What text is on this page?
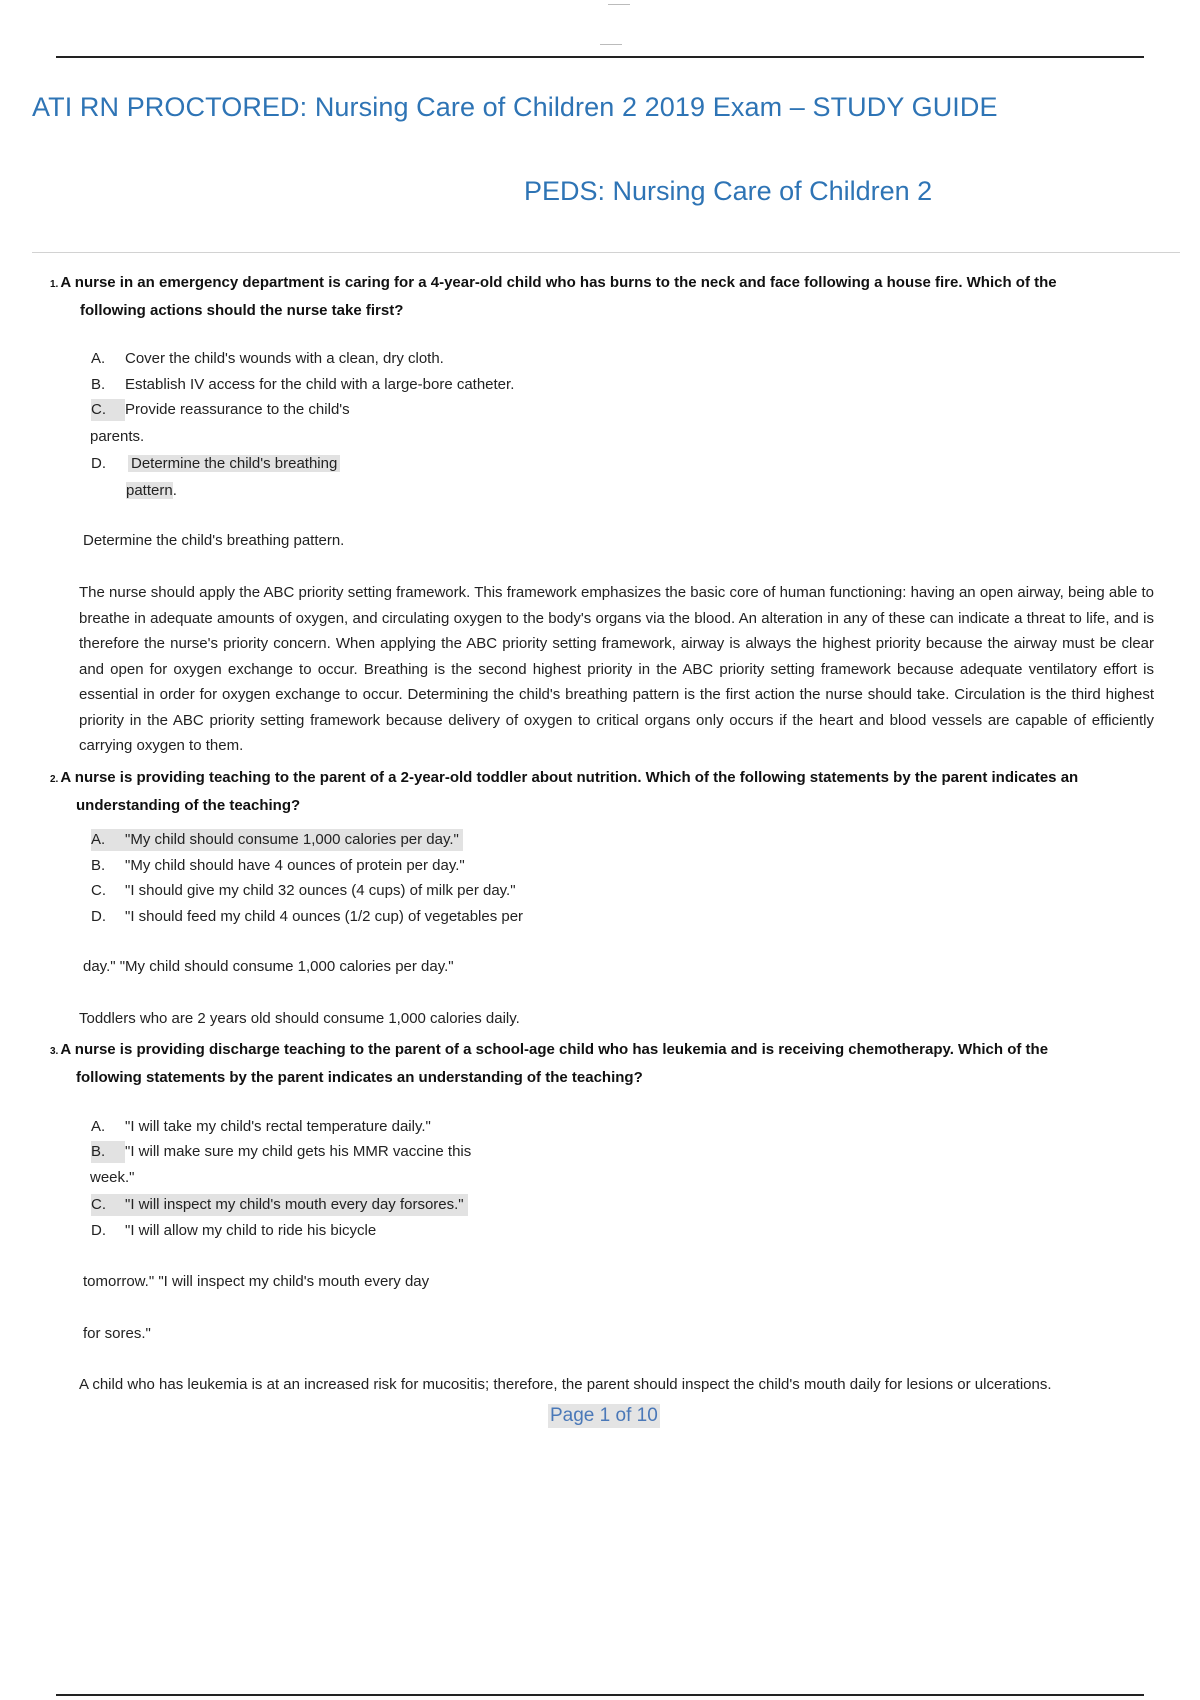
ATI RN PROCTORED: Nursing Care of Children 2 2019 Exam – STUDY GUIDE
PEDS: Nursing Care of Children 2
1. A nurse in an emergency department is caring for a 4-year-old child who has burns to the neck and face following a house fire. Which of the
following actions should the nurse take first?
A. Cover the child's wounds with a clean, dry cloth.
B. Establish IV access for the child with a large-bore catheter.
C. Provide reassurance to the child's
parents.
D. Determine the child's breathing
pattern.
Determine the child's breathing pattern.
The nurse should apply the ABC priority setting framework. This framework emphasizes the basic core of human functioning: having an open airway, being able to breathe in adequate amounts of oxygen, and circulating oxygen to the body's organs via the blood. An alteration in any of these can indicate a threat to life, and is therefore the nurse's priority concern. When applying the ABC priority setting framework, airway is always the highest priority because the airway must be clear and open for oxygen exchange to occur. Breathing is the second highest priority in the ABC priority setting framework because adequate ventilatory effort is essential in order for oxygen exchange to occur. Determining the child's breathing pattern is the first action the nurse should take. Circulation is the third highest priority in the ABC priority setting framework because delivery of oxygen to critical organs only occurs if the heart and blood vessels are capable of efficiently carrying oxygen to them.
2. A nurse is providing teaching to the parent of a 2-year-old toddler about nutrition. Which of the following statements by the parent indicates an
understanding of the teaching?
A. "My child should consume 1,000 calories per day."
B. "My child should have 4 ounces of protein per day."
C. "I should give my child 32 ounces (4 cups) of milk per day."
D. "I should feed my child 4 ounces (1/2 cup) of vegetables per
day." "My child should consume 1,000 calories per day."
Toddlers who are 2 years old should consume 1,000 calories daily.
3. A nurse is providing discharge teaching to the parent of a school-age child who has leukemia and is receiving chemotherapy. Which of the
following statements by the parent indicates an understanding of the teaching?
A. "I will take my child's rectal temperature daily."
B. "I will make sure my child gets his MMR vaccine this
week."
C. "I will inspect my child's mouth every day forsores."
D. "I will allow my child to ride his bicycle
tomorrow." "I will inspect my child's mouth every day
for sores."
A child who has leukemia is at an increased risk for mucositis; therefore, the parent should inspect the child's mouth daily for lesions or ulcerations.
Page 1 of 10
